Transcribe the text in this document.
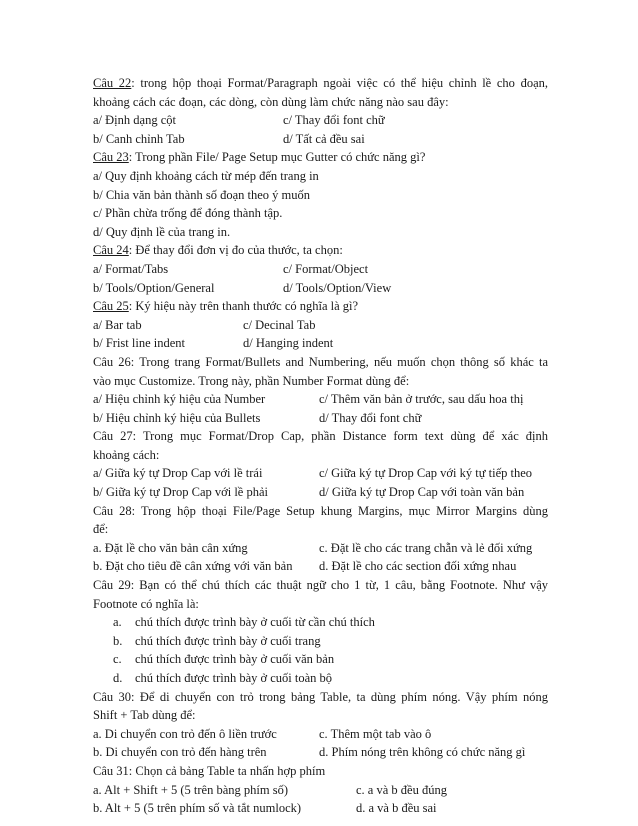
Câu 22: trong hộp thoại Format/Paragraph ngoài việc có thể hiệu chỉnh lề cho đoạn,
khoảng cách các đoạn, các dòng, còn dùng làm chức năng nào sau đây:
a/ Định dạng cột	c/ Thay đổi font chữ
b/ Canh chỉnh Tab	d/ Tất cả đều sai
Câu 23: Trong phần File/ Page Setup mục Gutter có chức năng gì?
a/ Quy định khoảng cách từ mép đến trang in
b/ Chia văn bản thành số đoạn theo ý muốn
c/ Phần chừa trống để đóng thành tập.
d/ Quy định lề của trang in.
Câu 24: Để thay đổi đơn vị đo của thước, ta chọn:
a/ Format/Tabs	c/ Format/Object
b/ Tools/Option/General	d/ Tools/Option/View
Câu 25: Ký hiệu này trên thanh thước có nghĩa là gì?
a/ Bar tab	c/ Decinal Tab
b/ Frist line indent	d/ Hanging indent
Câu 26: Trong trang Format/Bullets and Numbering, nếu muốn chọn thông số khác ta
vào mục Customize. Trong này, phần Number Format dùng để:
a/ Hiệu chỉnh ký hiệu của Number	c/ Thêm văn bản ở trước, sau dấu hoa thị
b/ Hiệu chỉnh ký hiệu của Bullets	d/ Thay đổi font chữ
Câu 27: Trong mục Format/Drop Cap, phần Distance form text dùng để xác định
khoảng cách:
a/ Giữa ký tự Drop Cap với lề trái	c/ Giữa ký tự Drop Cap với ký tự tiếp theo
b/ Giữa ký tự Drop Cap với lề phải	d/ Giữa ký tự Drop Cap với toàn văn bản
Câu 28: Trong hộp thoại File/Page Setup khung Margins, mục Mirror Margins dùng
để:
a. Đặt lề cho văn bản cân xứng	c. Đặt lề cho các trang chẵn và lẻ đối xứng
b. Đặt cho tiêu đề cân xứng với văn bản	d. Đặt lề cho các section đối xứng nhau
Câu 29: Bạn có thể chú thích các thuật ngữ cho 1 từ, 1 câu, bằng Footnote. Như vậy
Footnote có nghĩa là:
a.	chú thích được trình bày ở cuối từ cần chú thích
b.	chú thích được trình bày ở cuối trang
c.	chú thích được trình bày ở cuối văn bản
d.	chú thích được trình bày ở cuối toàn bộ
Câu 30: Để di chuyển con trỏ trong bảng Table, ta dùng phím nóng. Vậy phím nóng
Shift + Tab dùng để:
a. Di chuyển con trỏ đến ô liền trước	c. Thêm một tab vào ô
b. Di chuyển con trỏ đến hàng trên	d. Phím nóng trên không có chức năng gì
Câu 31: Chọn cả bảng Table ta nhấn hợp phím
a. Alt + Shift + 5 (5 trên bàng phím số)	c. a và b đều đúng
b. Alt + 5 (5 trên phím số và tắt numlock)	d. a và b đều sai
